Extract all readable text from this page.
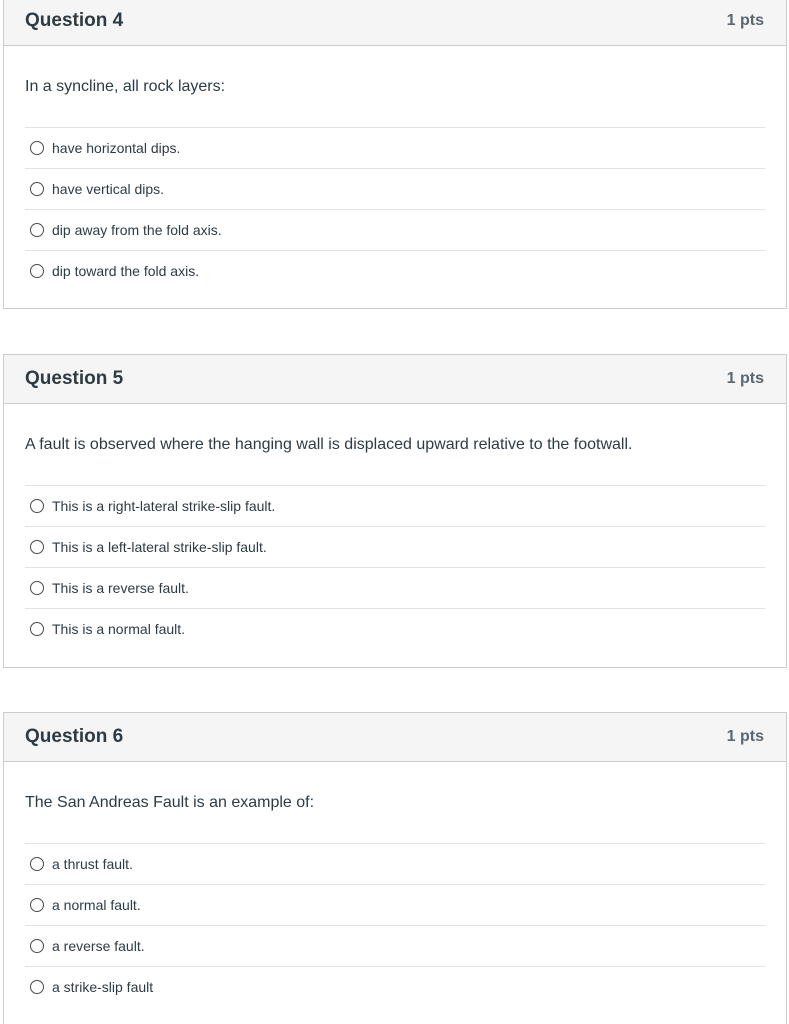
Question 4	1 pts
In a syncline, all rock layers:
have horizontal dips.
have vertical dips.
dip away from the fold axis.
dip toward the fold axis.
Question 5	1 pts
A fault is observed where the hanging wall is displaced upward relative to the footwall.
This is a right-lateral strike-slip fault.
This is a left-lateral strike-slip fault.
This is a reverse fault.
This is a normal fault.
Question 6	1 pts
The San Andreas Fault is an example of:
a thrust fault.
a normal fault.
a reverse fault.
a strike-slip fault
